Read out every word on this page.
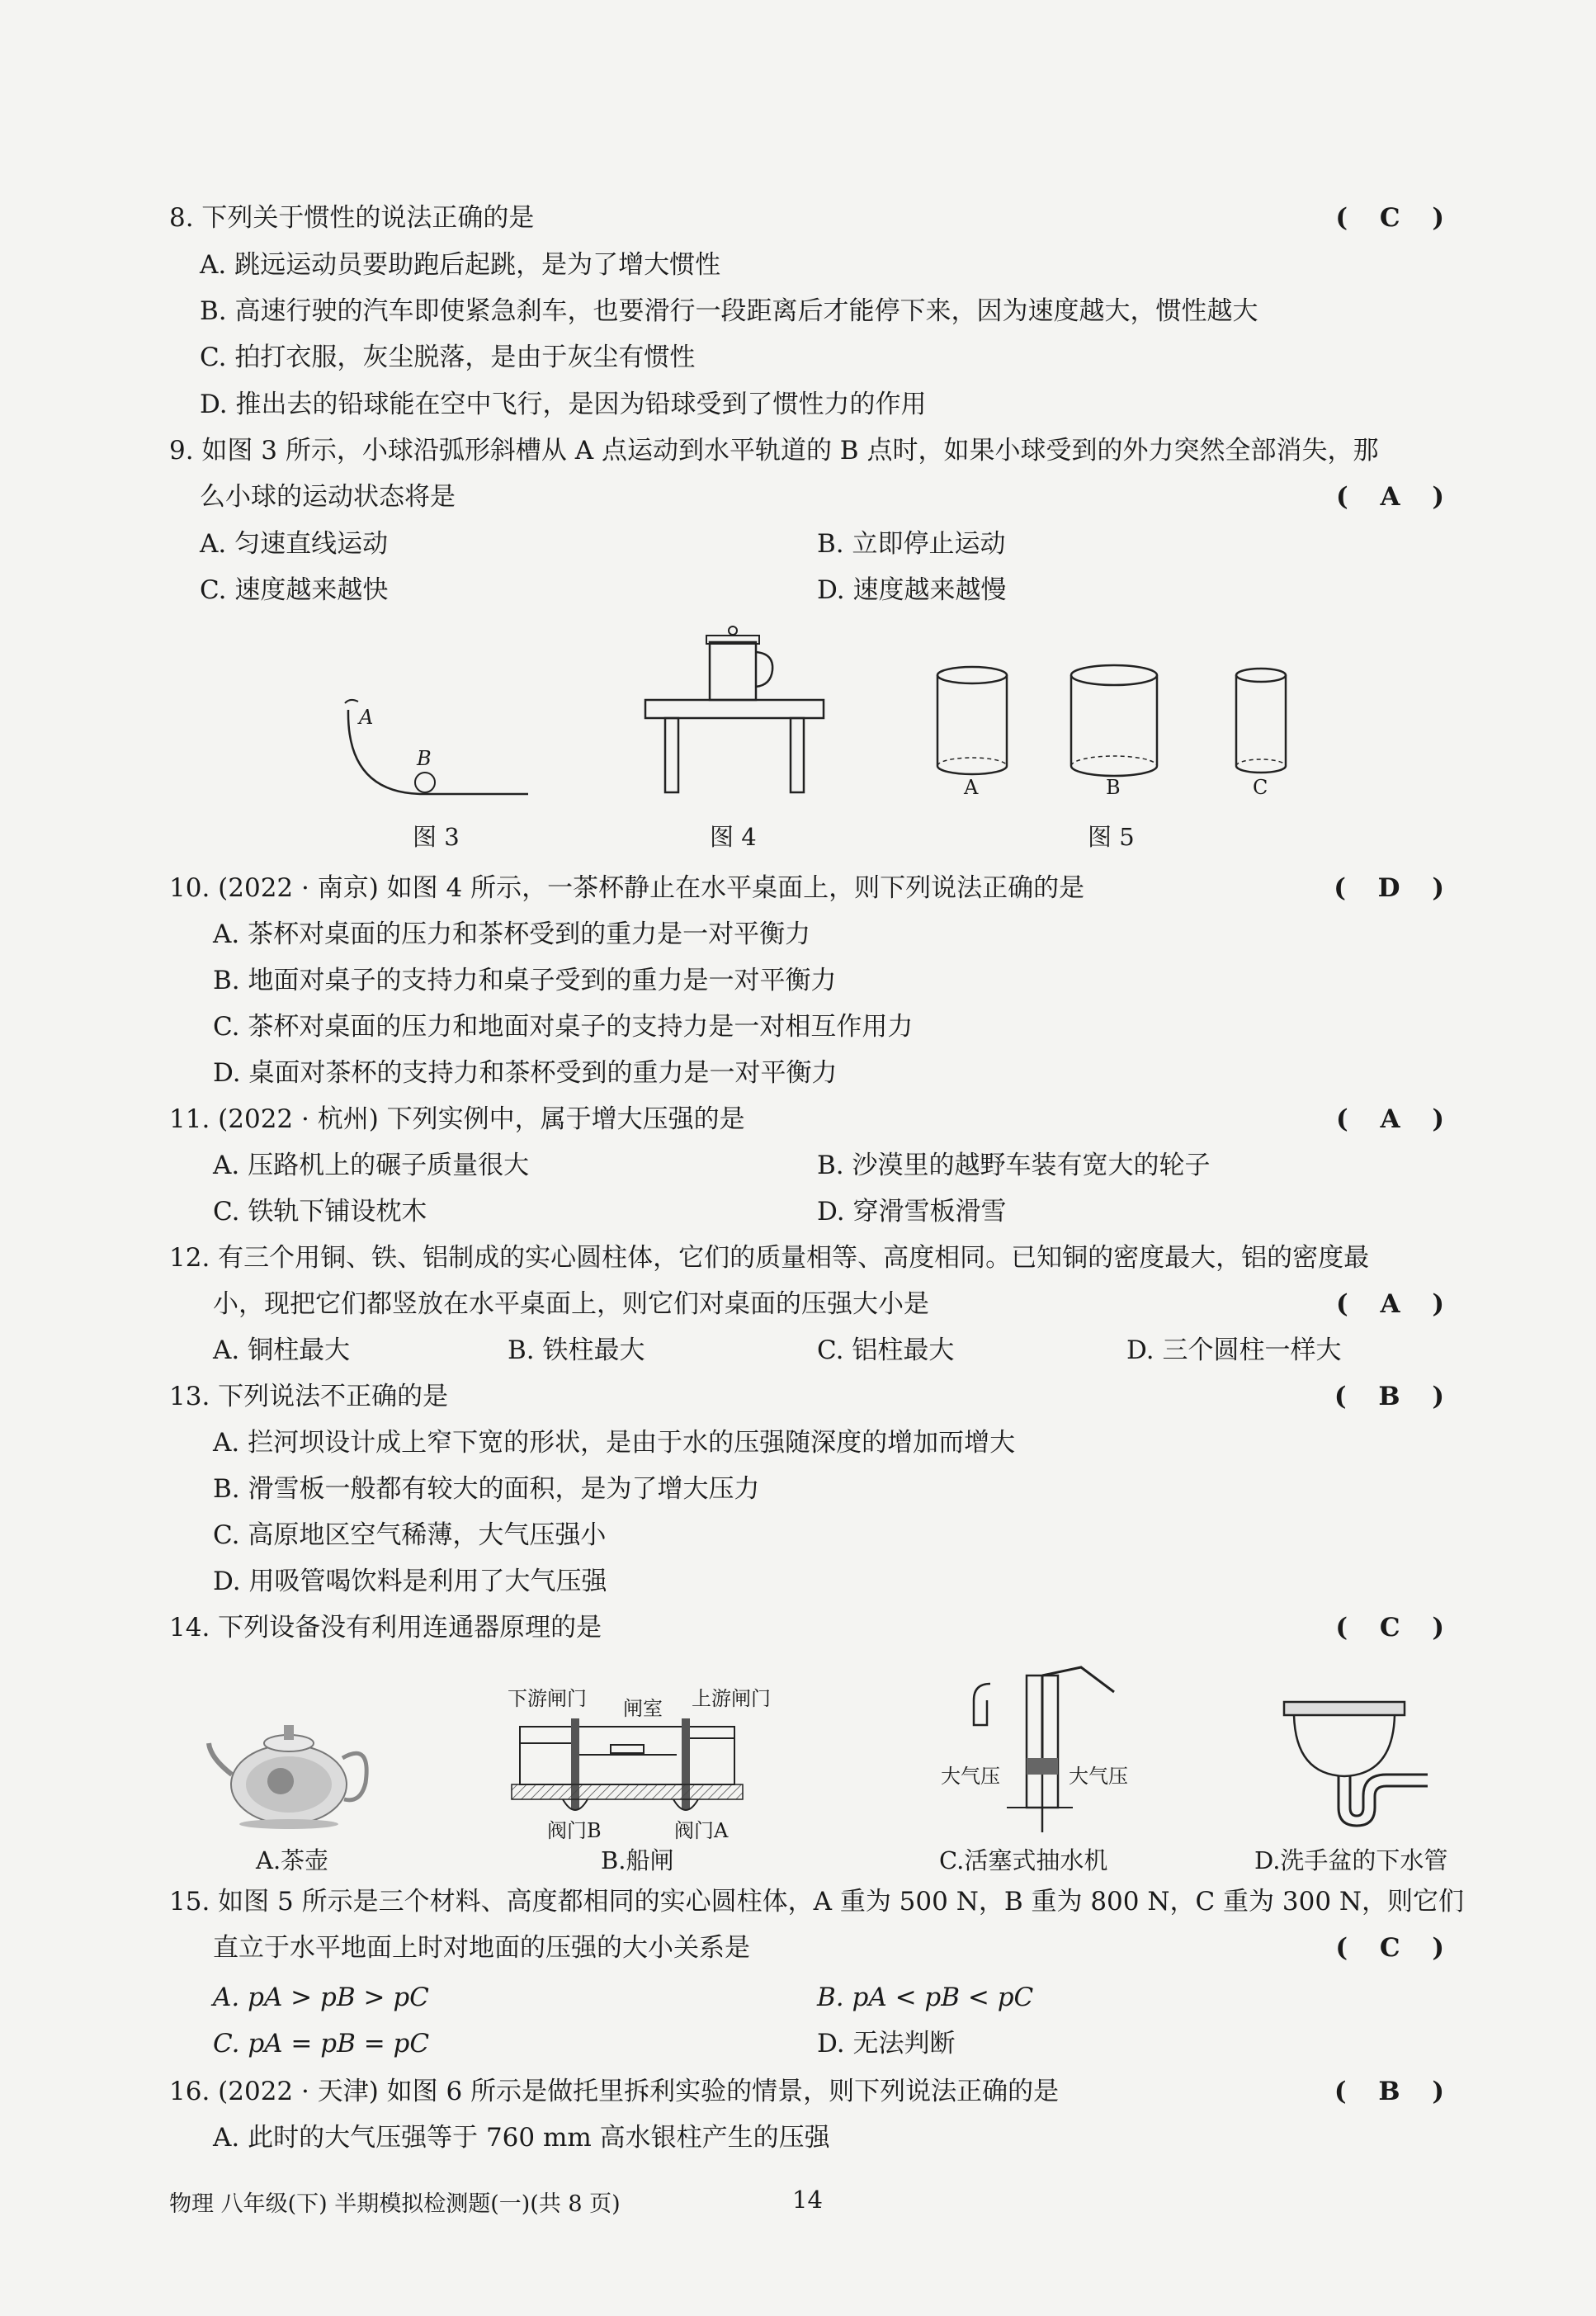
8. 下列关于惯性的说法正确的是	( C )
A. 跳远运动员要助跑后起跳，是为了增大惯性
B. 高速行驶的汽车即使紧急刹车，也要滑行一段距离后才能停下来，因为速度越大，惯性越大
C. 拍打衣服，灰尘脱落，是由于灰尘有惯性
D. 推出去的铅球能在空中飞行，是因为铅球受到了惯性力的作用
9. 如图 3 所示，小球沿弧形斜槽从 A 点运动到水平轨道的 B 点时，如果小球受到的外力突然全部消失，那
么小球的运动状态将是	( A )
A. 匀速直线运动	B. 立即停止运动
C. 速度越来越快	D. 速度越来越慢
A
B
图 3	图 4
A	B	C
图 5
10. (2022 · 南京) 如图 4 所示，一茶杯静止在水平桌面上，则下列说法正确的是	( D )
A. 茶杯对桌面的压力和茶杯受到的重力是一对平衡力
B. 地面对桌子的支持力和桌子受到的重力是一对平衡力
C. 茶杯对桌面的压力和地面对桌子的支持力是一对相互作用力
D. 桌面对茶杯的支持力和茶杯受到的重力是一对平衡力
11. (2022 · 杭州) 下列实例中，属于增大压强的是	( A )
A. 压路机上的碾子质量很大	B. 沙漠里的越野车装有宽大的轮子
C. 铁轨下铺设枕木	D. 穿滑雪板滑雪
12. 有三个用铜、铁、铝制成的实心圆柱体，它们的质量相等、高度相同。已知铜的密度最大，铝的密度最
小，现把它们都竖放在水平桌面上，则它们对桌面的压强大小是	( A )
A. 铜柱最大	B. 铁柱最大	C. 铝柱最大	D. 三个圆柱一样大
13. 下列说法不正确的是	( B )
A. 拦河坝设计成上窄下宽的形状，是由于水的压强随深度的增加而增大
B. 滑雪板一般都有较大的面积，是为了增大压力
C. 高原地区空气稀薄，大气压强小
D. 用吸管喝饮料是利用了大气压强
14. 下列设备没有利用连通器原理的是	( C )
A.茶壶
下游闸门 闸室 上游闸门
阀门B	阀门A
B.船闸
大气压	大气压
C.活塞式抽水机	D.洗手盆的下水管
15. 如图 5 所示是三个材料、高度都相同的实心圆柱体，A 重为 500 N，B 重为 800 N，C 重为 300 N，则它们
直立于水平地面上时对地面的压强的大小关系是	( C )
A. pA > pB > pC	B. pA < pB < pC
C. pA = pB = pC	D. 无法判断
16. (2022 · 天津) 如图 6 所示是做托里拆利实验的情景，则下列说法正确的是	( B )
A. 此时的大气压强等于 760 mm 高水银柱产生的压强
物理 八年级(下) 半期模拟检测题(一)(共 8 页)	14
